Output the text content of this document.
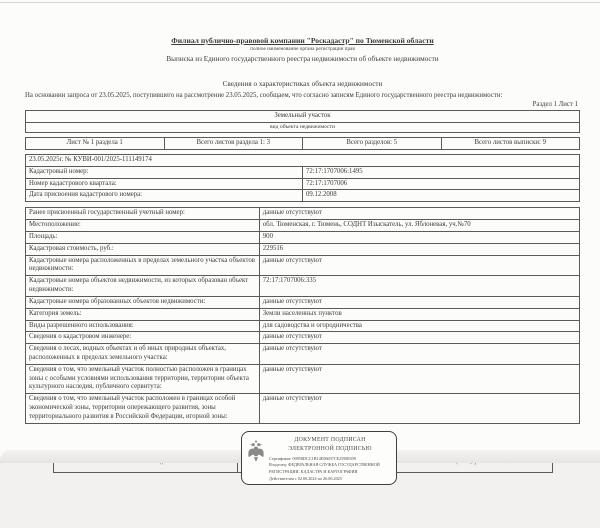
Филиал публично-правовой компании "Роскадастр" по Тюменской области
полное наименование органа регистрации прав
Выписка из Единого государственного реестра недвижимости об объекте недвижимости
Сведения о характеристиках объекта недвижимости
На основании запроса от 23.05.2025, поступившего на рассмотрение 23.05.2025, сообщаем, что согласно записям Единого государственного реестра недвижимости:
Раздел 1 Лист 1
Земельный участок
вид объекта недвижимости
Лист № 1 раздела 1	Всего листов раздела 1: 3	Всего разделов: 5	Всего листов выписки: 9
23.05.2025г. № КУВИ-001/2025-111149174	
Кадастровый номер:	72:17:1707006:1495
Номер кадастрового квартала:	72:17:1707006
Дата присвоения кадастрового номера:	09.12.2008
Ранее присвоенный государственный учетный номер:	данные отсутствуют
Местоположение:	обл. Тюменская, г. Тюмень, СОДНТ Изыскатель, ул. Яблоневая, уч.№70
Площадь:	900
Кадастровая стоимость, руб.:	229516
Кадастровые номера расположенных в пределах земельного участка объектов недвижимости:	данные отсутствуют
Кадастровые номера объектов недвижимости, из которых образован объект недвижимости:	72:17:1707006:335
Кадастровые номера образованных объектов недвижимости:	данные отсутствуют
Категория земель:	Земли населенных пунктов
Виды разрешенного использования:	для садоводства и огородничества
Сведения о кадастровом инженере:	данные отсутствуют
Сведения о лесах, водных объектах и об иных природных объектах, расположенных в пределах земельного участка:	данные отсутствуют
Сведения о том, что земельный участок полностью расположен в границах зоны с особыми условиями использования территории, территории объекта культурного наследия, публичного сервитута:	данные отсутствуют
Сведения о том, что земельный участок расположен в границах особой экономической зоны, территории опережающего развития, зоны территориального развития в Российской Федерации, игорной зоны:	данные отсутствуют

ДОКУМЕНТ ПОДПИСАН
ЭЛЕКТРОННОЙ ПОДПИСЬЮ
Сертификат: 00958DCC1B14E06697CE25988309
Владелец: ФЕДЕРАЛЬНАЯ СЛУЖБА ГОСУДАРСТВЕННОЙ
РЕГИСТРАЦИИ, КАДАСТРА И КАРТОГРАФИИ
Действителен с 02.06.2024 по 26.06.2025
